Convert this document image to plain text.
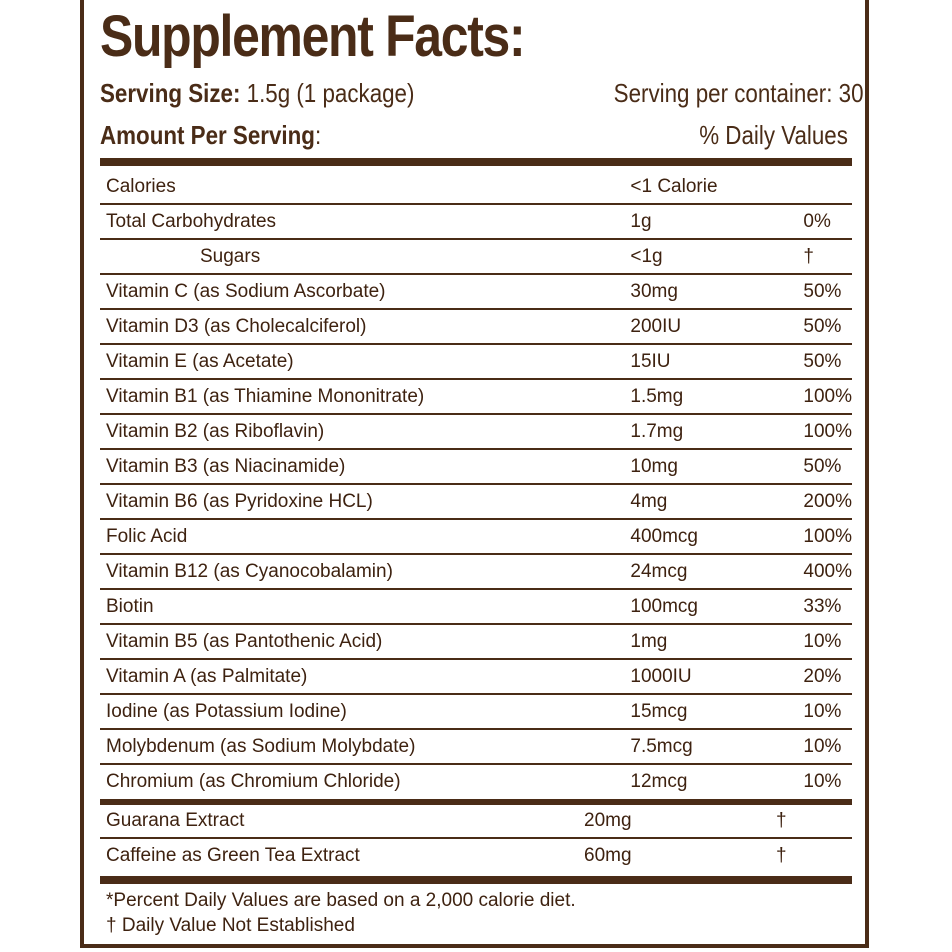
Supplement Facts:
Serving Size: 1.5g (1 package)	Serving per container: 30
Amount Per Serving:	% Daily Values
Calories	<1 Calorie	
Total Carbohydrates	1g	0%
Sugars	<1g	†
Vitamin C (as Sodium Ascorbate)	30mg	50%
Vitamin D3 (as Cholecalciferol)	200IU	50%
Vitamin E (as Acetate)	15IU	50%
Vitamin B1 (as Thiamine Mononitrate)	1.5mg	100%
Vitamin B2 (as Riboflavin)	1.7mg	100%
Vitamin B3 (as Niacinamide)	10mg	50%
Vitamin B6 (as Pyridoxine HCL)	4mg	200%
Folic Acid	400mcg	100%
Vitamin B12 (as Cyanocobalamin)	24mcg	400%
Biotin	100mcg	33%
Vitamin B5 (as Pantothenic Acid)	1mg	10%
Vitamin A (as Palmitate)	1000IU	20%
Iodine (as Potassium Iodine)	15mcg	10%
Molybdenum (as Sodium Molybdate)	7.5mcg	10%
Chromium (as Chromium Chloride)	12mcg	10%
Guarana Extract	20mg	†
Caffeine as Green Tea Extract	60mg	†
*Percent Daily Values are based on a 2,000 calorie diet.
† Daily Value Not Established
